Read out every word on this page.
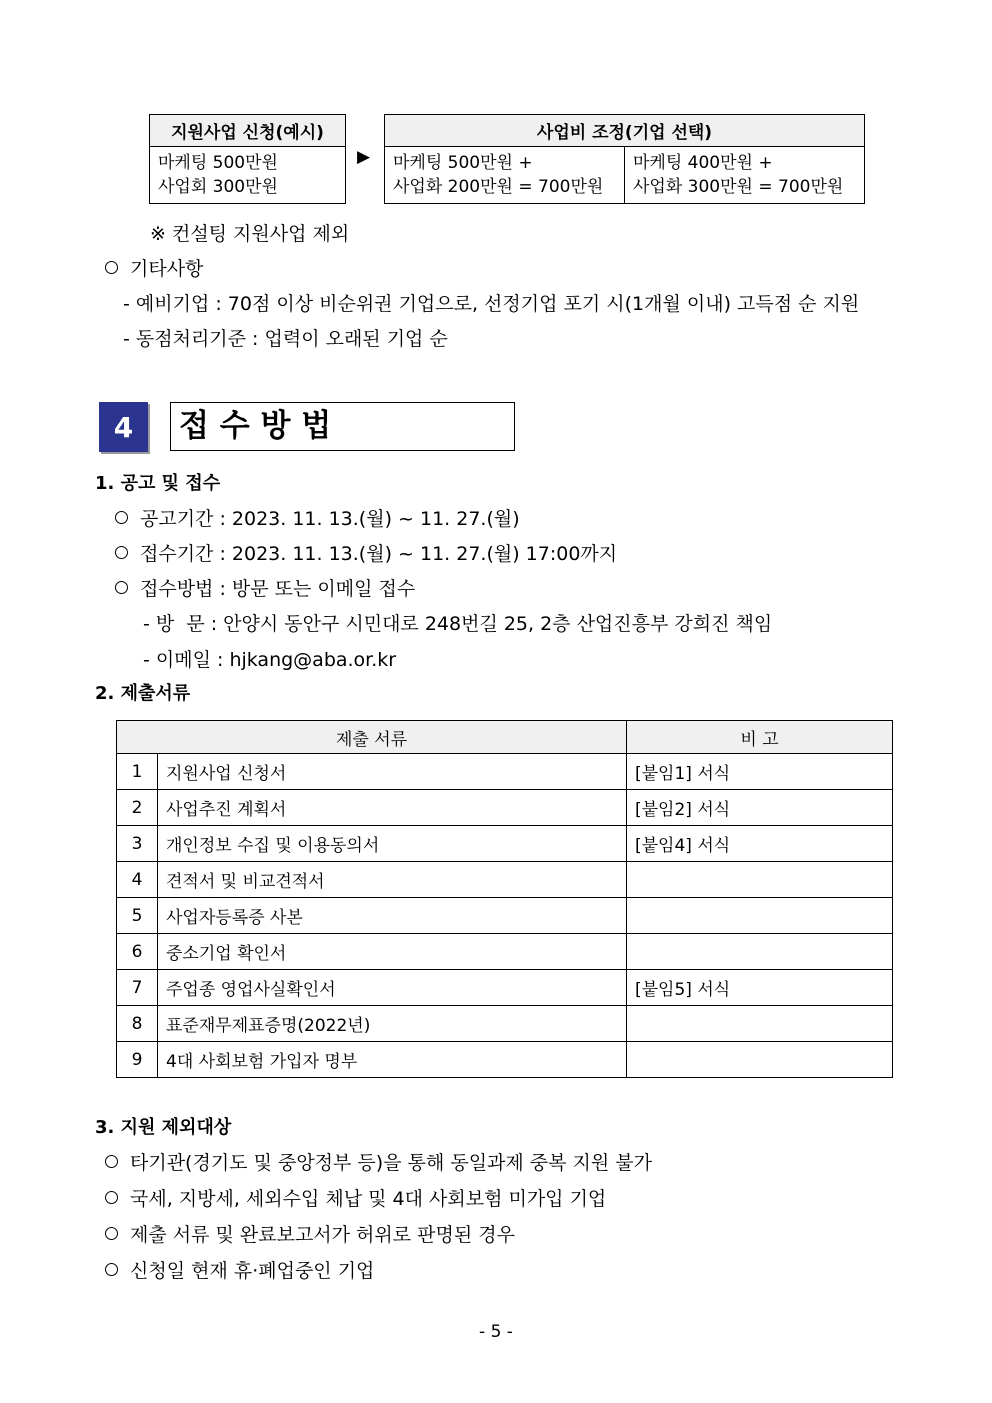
지원사업 신청(예시)

마케팅 500만원
사업회 300만원
▶
사업비 조정(기업 선택)

마케팅 500만원 +
사업화 200만원 = 700만원

마케팅 400만원 +
사업화 300만원 = 700만원
※ 컨설팅 지원사업 제외
기타사항
- 예비기업 : 70점 이상 비순위권 기업으로, 선정기업 포기 시(1개월 이내) 고득점 순 지원
- 동점처리기준 : 업력이 오래된 기업 순
4 접 수 방 법
1. 공고 및 접수
공고기간 : 2023. 11. 13.(월) ~ 11. 27.(월)
접수기간 : 2023. 11. 13.(월) ~ 11. 27.(월) 17:00까지
접수방법 : 방문 또는 이메일 접수
- 방  문 : 안양시 동안구 시민대로 248번길 25, 2층 산업진흥부 강희진 책임
- 이메일 : hjkang@aba.or.kr
2. 제출서류
제출 서류		비 고
1	지원사업 신청서	[붙임1] 서식
2	사업추진 계획서	[붙임2] 서식
3	개인정보 수집 및 이용동의서	[붙임4] 서식
4	견적서 및 비교견적서	
5	사업자등록증 사본	
6	중소기업 확인서	
7	주업종 영업사실확인서	[붙임5] 서식
8	표준재무제표증명(2022년)	
9	4대 사회보험 가입자 명부	
3. 지원 제외대상
타기관(경기도 및 중앙정부 등)을 통해 동일과제 중복 지원 불가
국세, 지방세, 세외수입 체납 및 4대 사회보험 미가입 기업
제출 서류 및 완료보고서가 허위로 판명된 경우
신청일 현재 휴·폐업중인 기업
- 5 -
